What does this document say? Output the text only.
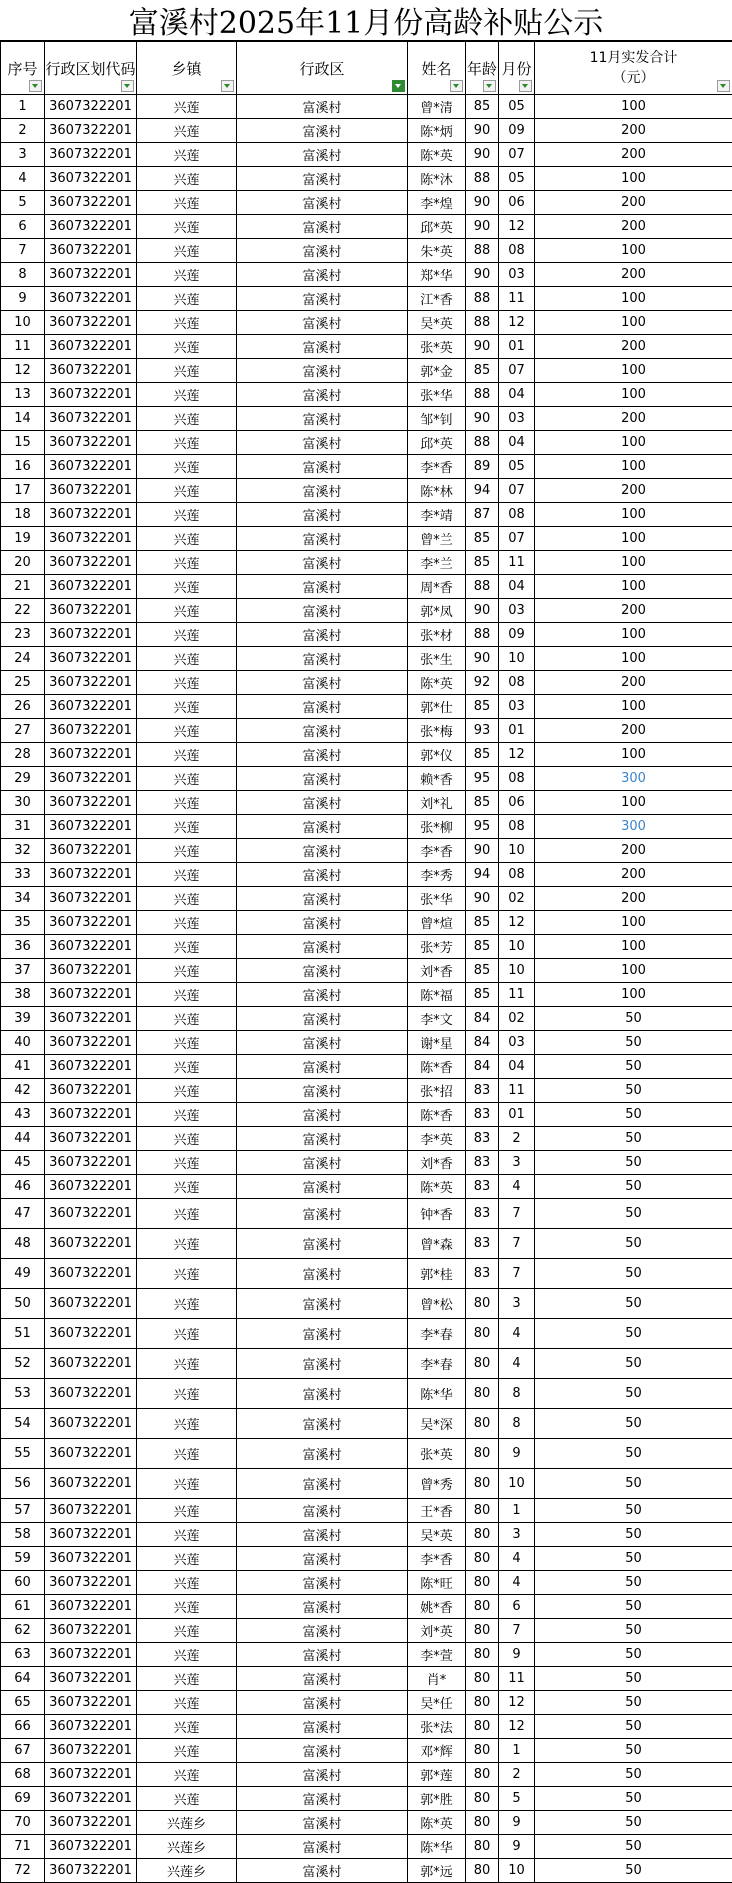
富溪村2025年11月份高龄补贴公示
序号	行政区划代码	乡镇	行政区	姓名	年龄	月份	11月实发合计
（元）

1	3607322201	兴莲	富溪村	曾*清	85	05	100
2	3607322201	兴莲	富溪村	陈*炳	90	09	200
3	3607322201	兴莲	富溪村	陈*英	90	07	200
4	3607322201	兴莲	富溪村	陈*沐	88	05	100
5	3607322201	兴莲	富溪村	李*煌	90	06	200
6	3607322201	兴莲	富溪村	邱*英	90	12	200
7	3607322201	兴莲	富溪村	朱*英	88	08	100
8	3607322201	兴莲	富溪村	郑*华	90	03	200
9	3607322201	兴莲	富溪村	江*香	88	11	100
10	3607322201	兴莲	富溪村	吴*英	88	12	100
11	3607322201	兴莲	富溪村	张*英	90	01	200
12	3607322201	兴莲	富溪村	郭*金	85	07	100
13	3607322201	兴莲	富溪村	张*华	88	04	100
14	3607322201	兴莲	富溪村	邹*钊	90	03	200
15	3607322201	兴莲	富溪村	邱*英	88	04	100
16	3607322201	兴莲	富溪村	李*香	89	05	100
17	3607322201	兴莲	富溪村	陈*林	94	07	200
18	3607322201	兴莲	富溪村	李*靖	87	08	100
19	3607322201	兴莲	富溪村	曾*兰	85	07	100
20	3607322201	兴莲	富溪村	李*兰	85	11	100
21	3607322201	兴莲	富溪村	周*香	88	04	100
22	3607322201	兴莲	富溪村	郭*凤	90	03	200
23	3607322201	兴莲	富溪村	张*材	88	09	100
24	3607322201	兴莲	富溪村	张*生	90	10	100
25	3607322201	兴莲	富溪村	陈*英	92	08	200
26	3607322201	兴莲	富溪村	郭*仕	85	03	100
27	3607322201	兴莲	富溪村	张*梅	93	01	200
28	3607322201	兴莲	富溪村	郭*仪	85	12	100
29	3607322201	兴莲	富溪村	赖*香	95	08	300
30	3607322201	兴莲	富溪村	刘*礼	85	06	100
31	3607322201	兴莲	富溪村	张*柳	95	08	300
32	3607322201	兴莲	富溪村	李*香	90	10	200
33	3607322201	兴莲	富溪村	李*秀	94	08	200
34	3607322201	兴莲	富溪村	张*华	90	02	200
35	3607322201	兴莲	富溪村	曾*煊	85	12	100
36	3607322201	兴莲	富溪村	张*芳	85	10	100
37	3607322201	兴莲	富溪村	刘*香	85	10	100
38	3607322201	兴莲	富溪村	陈*福	85	11	100
39	3607322201	兴莲	富溪村	李*文	84	02	50
40	3607322201	兴莲	富溪村	谢*星	84	03	50
41	3607322201	兴莲	富溪村	陈*香	84	04	50
42	3607322201	兴莲	富溪村	张*招	83	11	50
43	3607322201	兴莲	富溪村	陈*香	83	01	50
44	3607322201	兴莲	富溪村	李*英	83	2	50
45	3607322201	兴莲	富溪村	刘*香	83	3	50
46	3607322201	兴莲	富溪村	陈*英	83	4	50
47	3607322201	兴莲	富溪村	钟*香	83	7	50
48	3607322201	兴莲	富溪村	曾*森	83	7	50
49	3607322201	兴莲	富溪村	郭*桂	83	7	50
50	3607322201	兴莲	富溪村	曾*松	80	3	50
51	3607322201	兴莲	富溪村	李*春	80	4	50
52	3607322201	兴莲	富溪村	李*春	80	4	50
53	3607322201	兴莲	富溪村	陈*华	80	8	50
54	3607322201	兴莲	富溪村	吴*深	80	8	50
55	3607322201	兴莲	富溪村	张*英	80	9	50
56	3607322201	兴莲	富溪村	曾*秀	80	10	50
57	3607322201	兴莲	富溪村	王*香	80	1	50
58	3607322201	兴莲	富溪村	吴*英	80	3	50
59	3607322201	兴莲	富溪村	李*香	80	4	50
60	3607322201	兴莲	富溪村	陈*旺	80	4	50
61	3607322201	兴莲	富溪村	姚*香	80	6	50
62	3607322201	兴莲	富溪村	刘*英	80	7	50
63	3607322201	兴莲	富溪村	李*萱	80	9	50
64	3607322201	兴莲	富溪村	肖*	80	11	50
65	3607322201	兴莲	富溪村	吴*任	80	12	50
66	3607322201	兴莲	富溪村	张*法	80	12	50
67	3607322201	兴莲	富溪村	邓*辉	80	1	50
68	3607322201	兴莲	富溪村	郭*莲	80	2	50
69	3607322201	兴莲	富溪村	郭*胜	80	5	50
70	3607322201	兴莲乡	富溪村	陈*英	80	9	50
71	3607322201	兴莲乡	富溪村	陈*华	80	9	50
72	3607322201	兴莲乡	富溪村	郭*远	80	10	50
